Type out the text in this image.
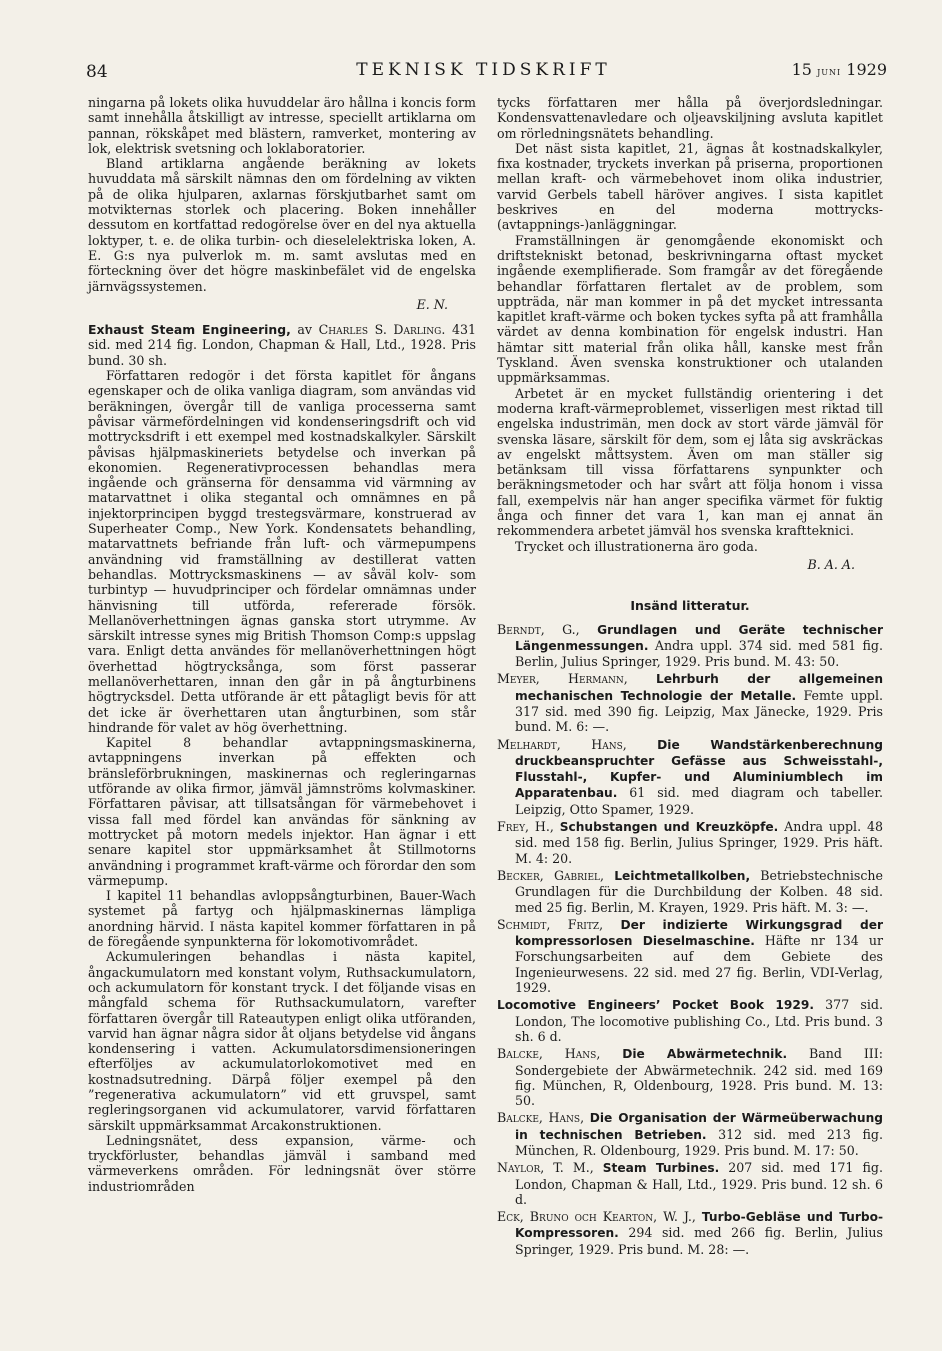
84	TEKNISK TIDSKRIFT	15 juni 1929

ningarna på lokets olika huvuddelar äro hållna i koncis form samt innehålla åtskilligt av intresse, speciellt artiklarna om pannan, rökskåpet med blästern, ramverket, montering av lok, elektrisk svetsning och loklaboratorier.

Bland artiklarna angående beräkning av lokets huvuddata må särskilt nämnas den om fördelning av vikten på de olika hjulparen, axlarnas förskjutbarhet samt om motvikternas storlek och placering. Boken innehåller dessutom en kortfattad redogörelse över en del nya aktuella loktyper, t. e. de olika turbin- och dieselelektriska loken, A. E. G:s nya pulverlok m. m. samt avslutas med en förteckning över det högre maskinbefälet vid de engelska järnvägssystemen.

E. N.

Exhaust Steam Engineering, av Charles S. Darling. 431 sid. med 214 fig. London, Chapman & Hall, Ltd., 1928. Pris bund. 30 sh.

Författaren redogör i det första kapitlet för ångans egenskaper och de olika vanliga diagram, som användas vid beräkningen, övergår till de vanliga processerna samt påvisar värmefördelningen vid kondenseringsdrift och vid mottrycksdrift i ett exempel med kostnadskalkyler. Särskilt påvisas hjälpmaskineriets betydelse och inverkan på ekonomien. Regenerativprocessen behandlas mera ingående och gränserna för densamma vid värmning av matarvattnet i olika stegantal och omnämnes en på injektorprincipen byggd trestegsvärmare, konstruerad av Superheater Comp., New York. Kondensatets behandling, matarvattnets befriande från luft- och värmepumpens användning vid framställning av destillerat vatten behandlas. Mottrycksmaskinens — av såväl kolv- som turbintyp — huvudprinciper och fördelar omnämnas under hänvisning till utförda, refererade försök. Mellanöverhettningen ägnas ganska stort utrymme. Av särskilt intresse synes mig British Thomson Comp:s uppslag vara. Enligt detta användes för mellanöverhettningen högt överhettad högtrycksånga, som först passerar mellanöverhettaren, innan den går in på ångturbinens högtrycksdel. Detta utförande är ett påtagligt bevis för att det icke är överhettaren utan ångturbinen, som står hindrande för valet av hög överhettning.

Kapitel 8 behandlar avtappningsmaskinerna, avtappningens inverkan på effekten och bränsleförbrukningen, maskinernas och regleringarnas utförande av olika firmor, jämväl jämnströms kolvmaskiner. Författaren påvisar, att tillsatsångan för värmebehovet i vissa fall med fördel kan användas för sänkning av mottrycket på motorn medels injektor. Han ägnar i ett senare kapitel stor uppmärksamhet åt Stillmotorns användning i programmet kraft-värme och förordar den som värmepump.

I kapitel 11 behandlas avloppsångturbinen, Bauer-Wach systemet på fartyg och hjälpmaskinernas lämpliga anordning härvid. I nästa kapitel kommer författaren in på de föregående synpunkterna för lokomotivområdet.

Ackumuleringen behandlas i nästa kapitel, ångackumulatorn med konstant volym, Ruthsackumulatorn, och ackumulatorn för konstant tryck. I det följande visas en mångfald schema för Ruthsackumulatorn, varefter författaren övergår till Rateautypen enligt olika utföranden, varvid han ägnar några sidor åt oljans betydelse vid ångans kondensering i vatten. Ackumulatorsdimensioneringen efterföljes av ackumulatorlokomotivet med en kostnadsutredning. Därpå följer exempel på den ”regenerativa ackumulatorn” vid ett gruvspel, samt regleringsorganen vid ackumulatorer, varvid författaren särskilt uppmärksammat Arcakonstruktionen.

Ledningsnätet, dess expansion, värme- och tryckförluster, behandlas jämväl i samband med värmeverkens områden. För ledningsnät över större industriområden

tycks författaren mer hålla på överjordsledningar. Kondensvattenavledare och oljeavskiljning avsluta kapitlet om rörledningsnätets behandling.

Det näst sista kapitlet, 21, ägnas åt kostnadskalkyler, fixa kostnader, tryckets inverkan på priserna, proportionen mellan kraft- och värmebehovet inom olika industrier, varvid Gerbels tabell häröver angives. I sista kapitlet beskrives en del moderna mottrycks-(avtappnings-)anläggningar.

Framställningen är genomgående ekonomiskt och driftstekniskt betonad, beskrivningarna oftast mycket ingående exemplifierade. Som framgår av det föregående behandlar författaren flertalet av de problem, som uppträda, när man kommer in på det mycket intressanta kapitlet kraft-värme och boken tyckes syfta på att framhålla värdet av denna kombination för engelsk industri. Han hämtar sitt material från olika håll, kanske mest från Tyskland. Även svenska konstruktioner och utalanden uppmärksammas.

Arbetet är en mycket fullständig orientering i det moderna kraft-värmeproblemet, visserligen mest riktad till engelska industrimän, men dock av stort värde jämväl för svenska läsare, särskilt för dem, som ej låta sig avskräckas av engelskt måttsystem. Även om man ställer sig betänksam till vissa författarens synpunkter och beräkningsmetoder och har svårt att följa honom i vissa fall, exempelvis när han anger specifika värmet för fuktig ånga och finner det vara 1, kan man ej annat än rekommendera arbetet jämväl hos svenska kraftteknici.

Trycket och illustrationerna äro goda.

B. A. A.
Insänd litteratur.
Berndt, G., Grundlagen und Geräte technischer Längenmessungen. Andra uppl. 374 sid. med 581 fig. Berlin, Julius Springer, 1929. Pris bund. M. 43: 50.
Meyer, Hermann, Lehrburh der allgemeinen mechanischen Technologie der Metalle. Femte uppl. 317 sid. med 390 fig. Leipzig, Max Jänecke, 1929. Pris bund. M. 6: —.
Melhardt, Hans, Die Wandstärkenberechnung druckbeanspruchter Gefässe aus Schweisstahl-, Flusstahl-, Kupfer- und Aluminiumblech im Apparatenbau. 61 sid. med diagram och tabeller. Leipzig, Otto Spamer, 1929.
Frey, H., Schubstangen und Kreuzköpfe. Andra uppl. 48 sid. med 158 fig. Berlin, Julius Springer, 1929. Pris häft. M. 4: 20.
Becker, Gabriel, Leichtmetallkolben, Betriebstechnische Grundlagen für die Durchbildung der Kolben. 48 sid. med 25 fig. Berlin, M. Krayen, 1929. Pris häft. M. 3: —.
Schmidt, Fritz, Der indizierte Wirkungsgrad der kompressorlosen Dieselmaschine. Häfte nr 134 ur Forschungsarbeiten auf dem Gebiete des Ingenieurwesens. 22 sid. med 27 fig. Berlin, VDI-Verlag, 1929.
Locomotive Engineers’ Pocket Book 1929. 377 sid. London, The locomotive publishing Co., Ltd. Pris bund. 3 sh. 6 d.
Balcke, Hans, Die Abwärmetechnik. Band III: Sondergebiete der Abwärmetechnik. 242 sid. med 169 fig. München, R, Oldenbourg, 1928. Pris bund. M. 13: 50.
Balcke, Hans, Die Organisation der Wärmeüberwachung in technischen Betrieben. 312 sid. med 213 fig. München, R. Oldenbourg, 1929. Pris bund. M. 17: 50.
Naylor, T. M., Steam Turbines. 207 sid. med 171 fig. London, Chapman & Hall, Ltd., 1929. Pris bund. 12 sh. 6 d.
Eck, Bruno och Kearton, W. J., Turbo-Gebläse und Turbo-Kompressoren. 294 sid. med 266 fig. Berlin, Julius Springer, 1929. Pris bund. M. 28: —.
